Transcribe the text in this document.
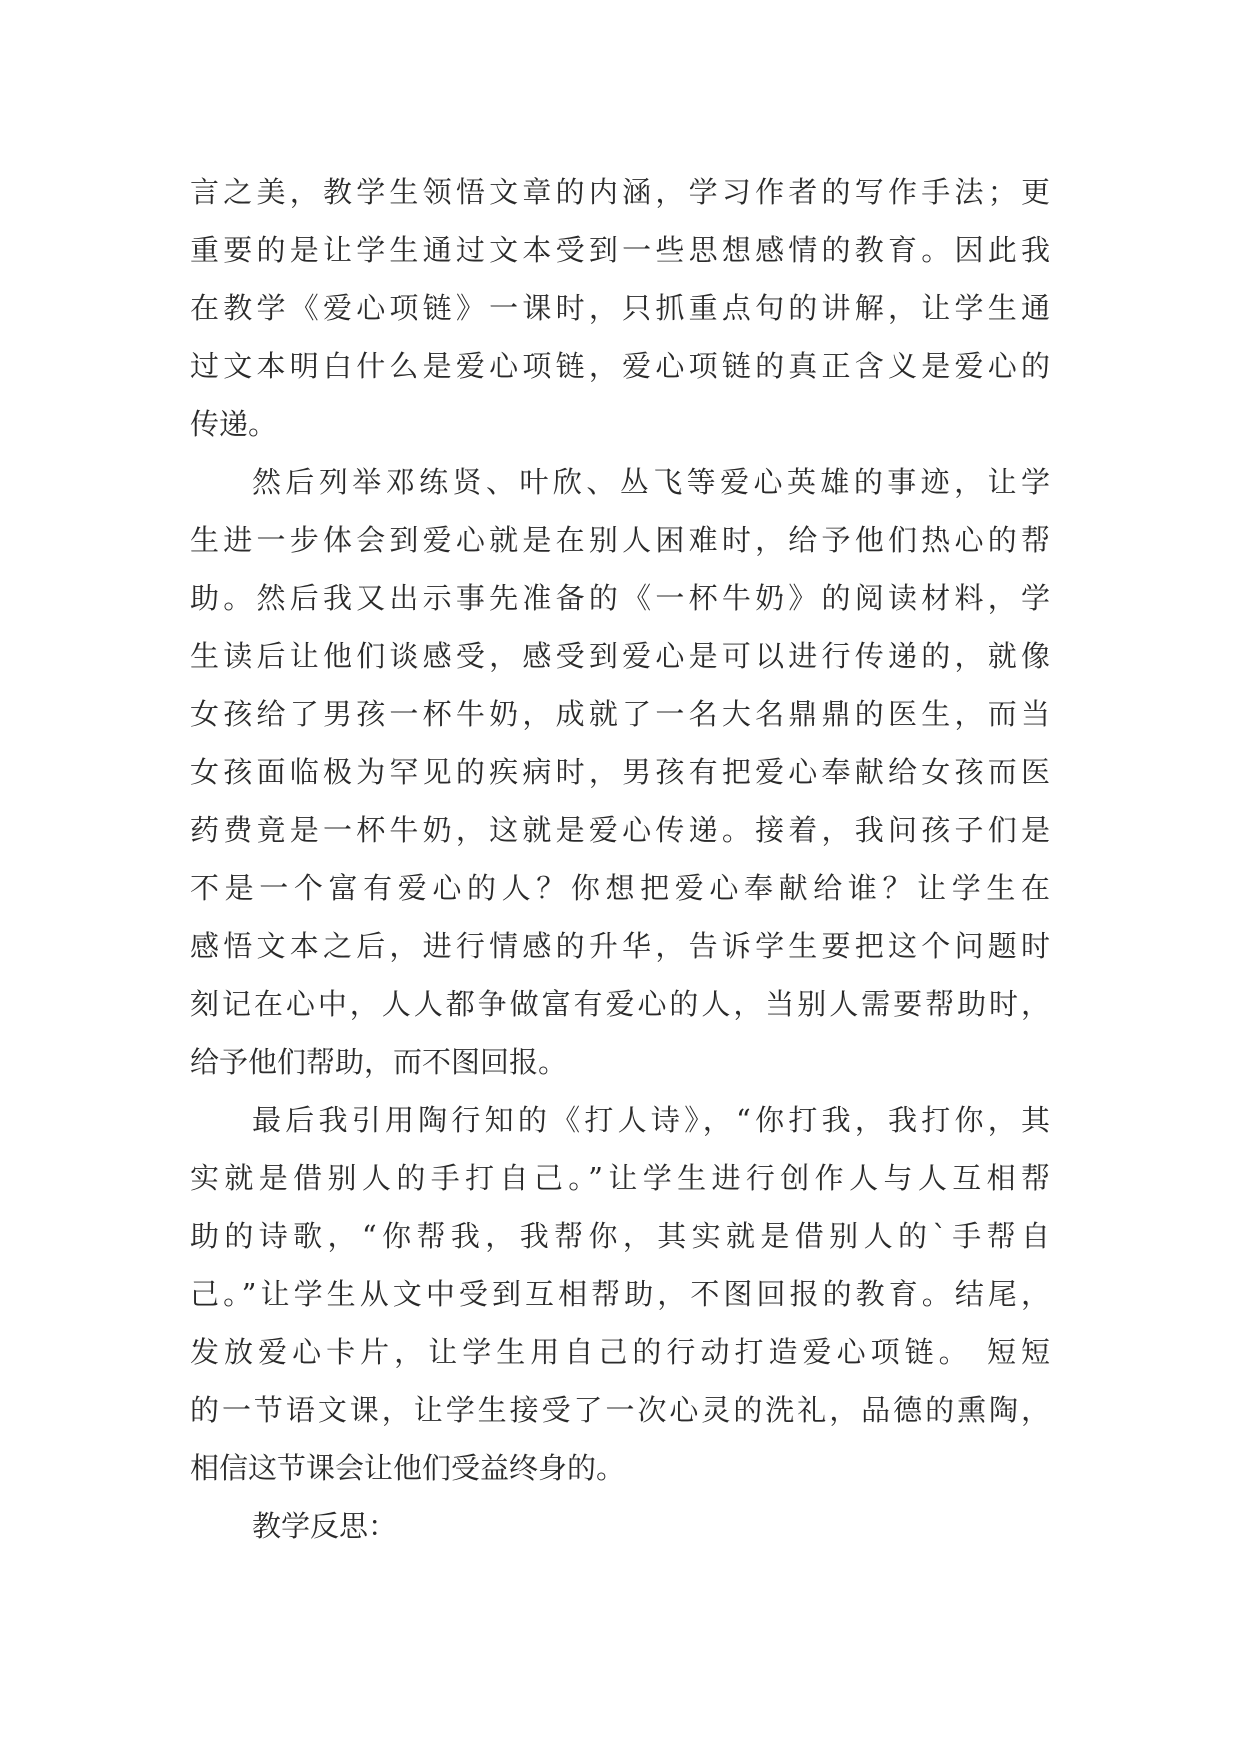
言之美，教学生领悟文章的内涵，学习作者的写作手法；更
重要的是让学生通过文本受到一些思想感情的教育。因此我
在教学《爱心项链》一课时，只抓重点句的讲解，让学生通
过文本明白什么是爱心项链，爱心项链的真正含义是爱心的
传递。
然后列举邓练贤、叶欣、丛飞等爱心英雄的事迹，让学
生进一步体会到爱心就是在别人困难时，给予他们热心的帮
助。然后我又出示事先准备的《一杯牛奶》的阅读材料，学
生读后让他们谈感受，感受到爱心是可以进行传递的，就像
女孩给了男孩一杯牛奶，成就了一名大名鼎鼎的医生，而当
女孩面临极为罕见的疾病时，男孩有把爱心奉献给女孩而医
药费竟是一杯牛奶，这就是爱心传递。接着，我问孩子们是
不是一个富有爱心的人？你想把爱心奉献给谁？让学生在
感悟文本之后，进行情感的升华，告诉学生要把这个问题时
刻记在心中，人人都争做富有爱心的人，当别人需要帮助时，
给予他们帮助，而不图回报。
最后我引用陶行知的《打人诗》，“你打我，我打你，其
实就是借别人的手打自己。”让学生进行创作人与人互相帮
助的诗歌，“你帮我，我帮你，其实就是借别人的`手帮自
己。”让学生从文中受到互相帮助，不图回报的教育。结尾，
发放爱心卡片，让学生用自己的行动打造爱心项链。 短短
的一节语文课，让学生接受了一次心灵的洗礼，品德的熏陶，
相信这节课会让他们受益终身的。
教学反思：
